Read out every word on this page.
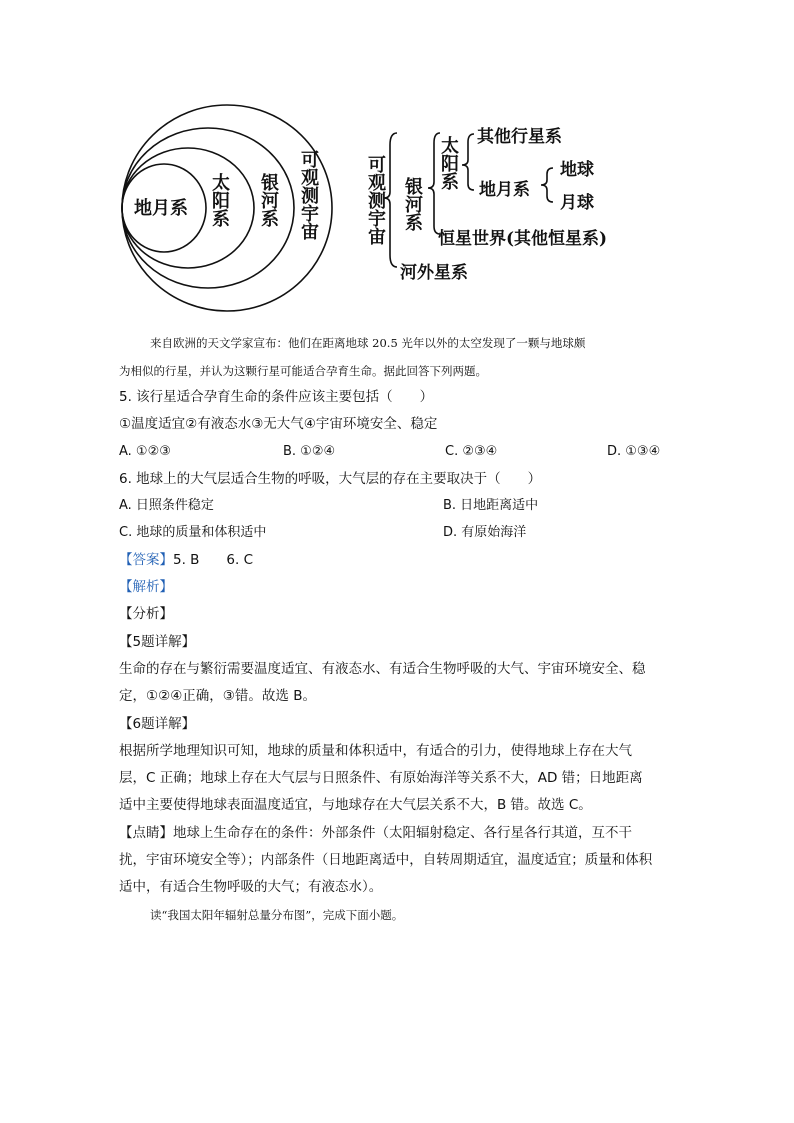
地月系 太阳系 银河系 可观测宇宙	可观测宇宙 银河系
太阳系 其他行星系
地月系
地球
月球
恒星世界(其他恒星系)
河外星系
来自欧洲的天文学家宣布：他们在距离地球 20.5 光年以外的太空发现了一颗与地球颇
为相似的行星，并认为这颗行星可能适合孕育生命。据此回答下列两题。
5. 该行星适合孕育生命的条件应该主要包括（　　）
①温度适宜②有液态水③无大气④宇宙环境安全、稳定
A. ①②③	B. ①②④	C. ②③④	D. ①③④
6. 地球上的大气层适合生物的呼吸，大气层的存在主要取决于（　　）
A. 日照条件稳定	B. 日地距离适中
C. 地球的质量和体积适中	D. 有原始海洋
【答案】5. B　　6. C
【解析】
【分析】
【5题详解】
生命的存在与繁衍需要温度适宜、有液态水、有适合生物呼吸的大气、宇宙环境安全、稳
定，①②④正确，③错。故选 B。
【6题详解】
根据所学地理知识可知，地球的质量和体积适中，有适合的引力，使得地球上存在大气
层，C 正确；地球上存在大气层与日照条件、有原始海洋等关系不大，AD 错；日地距离
适中主要使得地球表面温度适宜，与地球存在大气层关系不大，B 错。故选 C。
【点睛】地球上生命存在的条件：外部条件（太阳辐射稳定、各行星各行其道，互不干
扰，宇宙环境安全等）；内部条件（日地距离适中，自转周期适宜，温度适宜；质量和体积
适中，有适合生物呼吸的大气；有液态水）。
读“我国太阳年辐射总量分布图”，完成下面小题。
